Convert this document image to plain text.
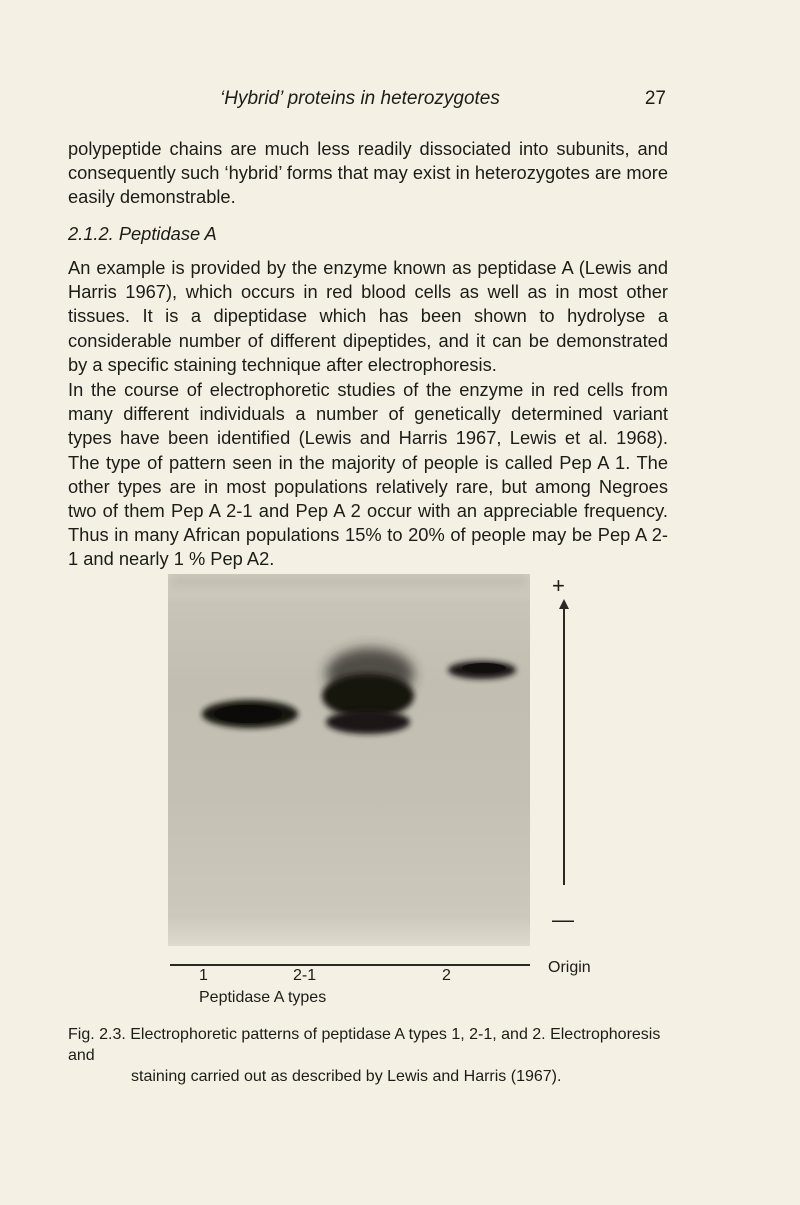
‘Hybrid’ proteins in heterozygotes	27

polypeptide chains are much less readily dissociated into subunits, and consequently such ‘hybrid’ forms that may exist in heterozygotes are more easily demonstrable.

2.1.2. Peptidase A

An example is provided by the enzyme known as peptidase A (Lewis and Harris 1967), which occurs in red blood cells as well as in most other tissues. It is a dipeptidase which has been shown to hydrolyse a considerable number of different dipeptides, and it can be demonstrated by a specific staining technique after electrophoresis.

In the course of electrophoretic studies of the enzyme in red cells from many different individuals a number of genetically determined variant types have been identified (Lewis and Harris 1967, Lewis et al. 1968). The type of pattern seen in the majority of people is called Pep A 1. The other types are in most populations relatively rare, but among Negroes two of them Pep A 2-1 and Pep A 2 occur with an appreciable frequency. Thus in many African populations 15% to 20% of people may be Pep A 2-1 and nearly 1 % Pep A2.

+
—
1	2-1	2	Origin
Peptidase A types
Fig. 2.3. Electrophoretic patterns of peptidase A types 1, 2-1, and 2. Electrophoresis and
staining carried out as described by Lewis and Harris (1967).
